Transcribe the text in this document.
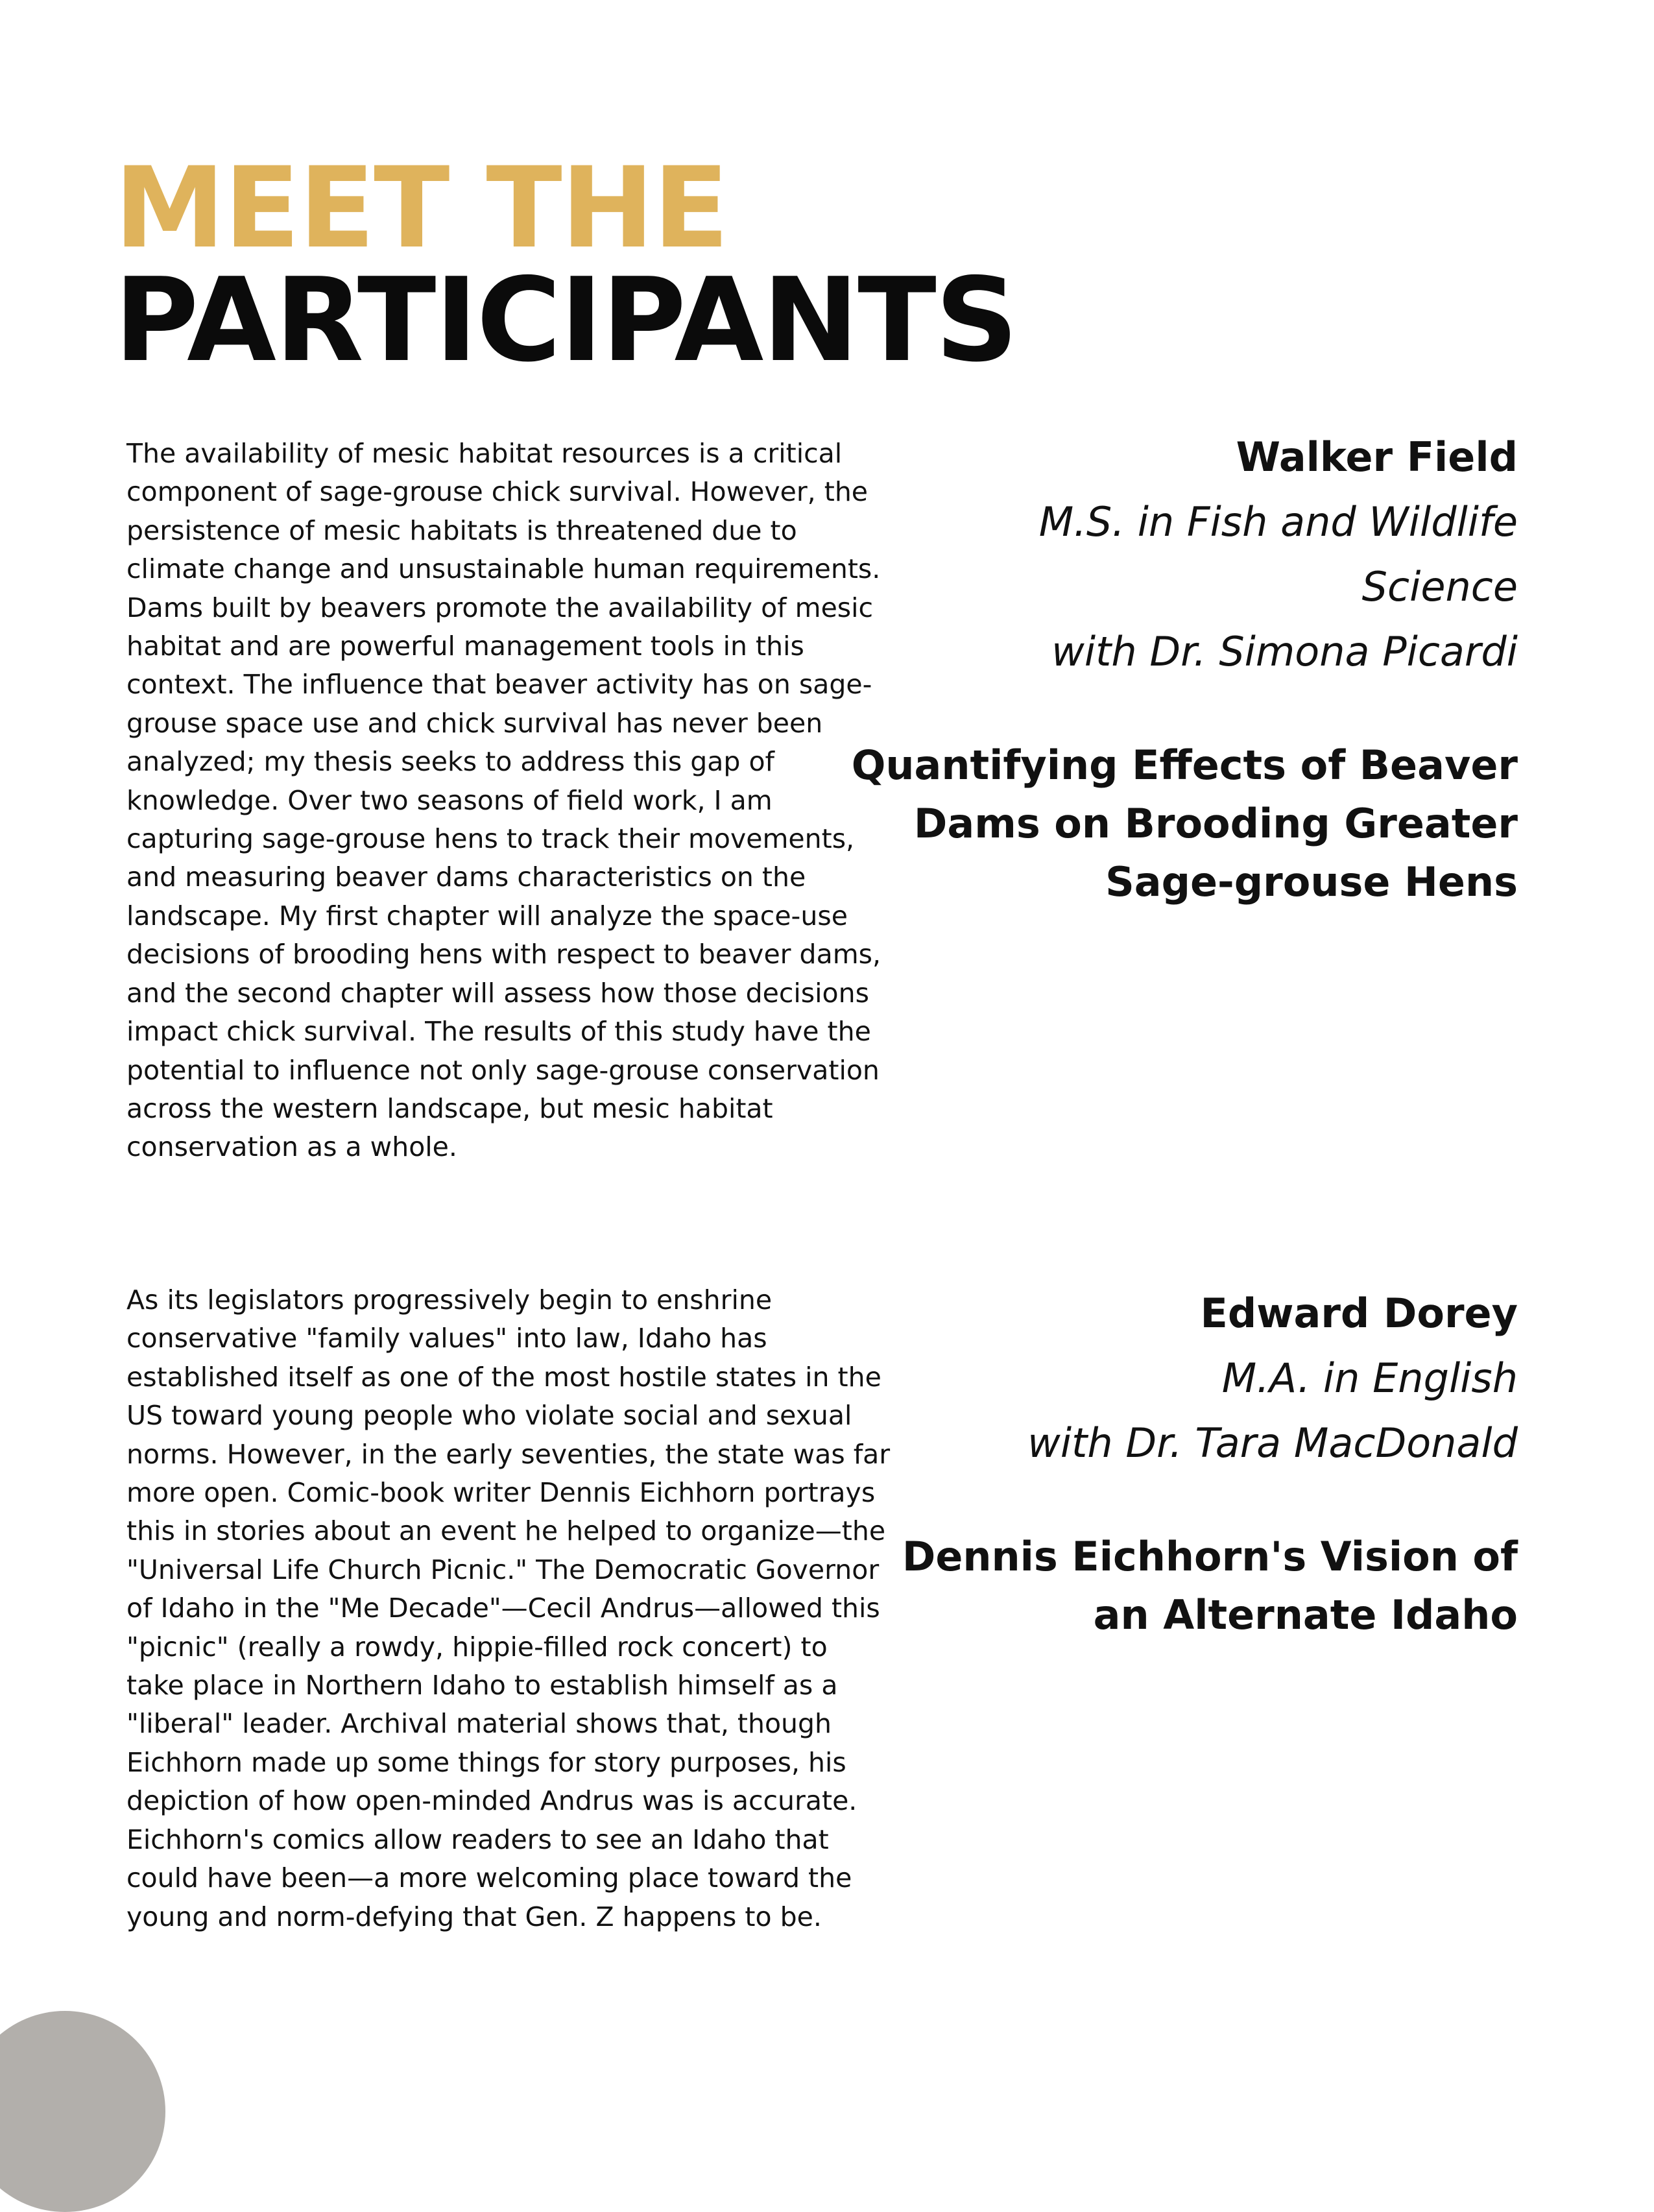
MEET THE
PARTICIPANTS

The availability of mesic habitat resources is a critical component of sage-grouse chick survival. However, the persistence of mesic habitats is threatened due to climate change and unsustainable human requirements. Dams built by beavers promote the availability of mesic habitat and are powerful management tools in this context. The influence that beaver activity has on sage-grouse space use and chick survival has never been analyzed; my thesis seeks to address this gap of knowledge. Over two seasons of field work, I am capturing sage-grouse hens to track their movements, and measuring beaver dams characteristics on the landscape. My first chapter will analyze the space-use decisions of brooding hens with respect to beaver dams, and the second chapter will assess how those decisions impact chick survival. The results of this study have the potential to influence not only sage-grouse conservation across the western landscape, but mesic habitat conservation as a whole.

Walker Field
M.S. in Fish and Wildlife Science
with Dr. Simona Picardi
Quantifying Effects of Beaver Dams on Brooding Greater Sage-grouse Hens

As its legislators progressively begin to enshrine conservative "family values" into law, Idaho has established itself as one of the most hostile states in the US toward young people who violate social and sexual norms. However, in the early seventies, the state was far more open. Comic-book writer Dennis Eichhorn portrays this in stories about an event he helped to organize—the "Universal Life Church Picnic." The Democratic Governor of Idaho in the "Me Decade"—Cecil Andrus—allowed this "picnic" (really a rowdy, hippie-filled rock concert) to take place in Northern Idaho to establish himself as a "liberal" leader. Archival material shows that, though Eichhorn made up some things for story purposes, his depiction of how open-minded Andrus was is accurate. Eichhorn's comics allow readers to see an Idaho that could have been—a more welcoming place toward the young and norm-defying that Gen. Z happens to be.

Edward Dorey
M.A. in English
with Dr. Tara MacDonald
Dennis Eichhorn's Vision of an Alternate Idaho
